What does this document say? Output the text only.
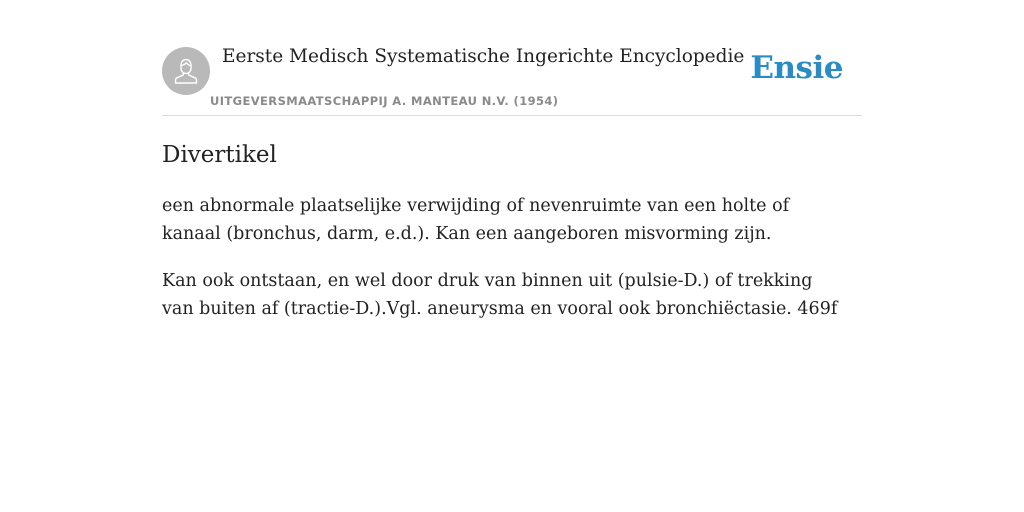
Eerste Medisch Systematische Ingerichte Encyclopedie
UITGEVERSMAATSCHAPPIJ A. MANTEAU N.V. (1954)
Ensie
Divertikel

een abnormale plaatselijke verwijding of nevenruimte van een holte of kanaal (bronchus, darm, e.d.). Kan een aangeboren misvorming zijn.

Kan ook ontstaan, en wel door druk van binnen uit (pulsie-D.) of trekking van buiten af (tractie-D.).Vgl. aneurysma en vooral ook bronchiëctasie. 469f
